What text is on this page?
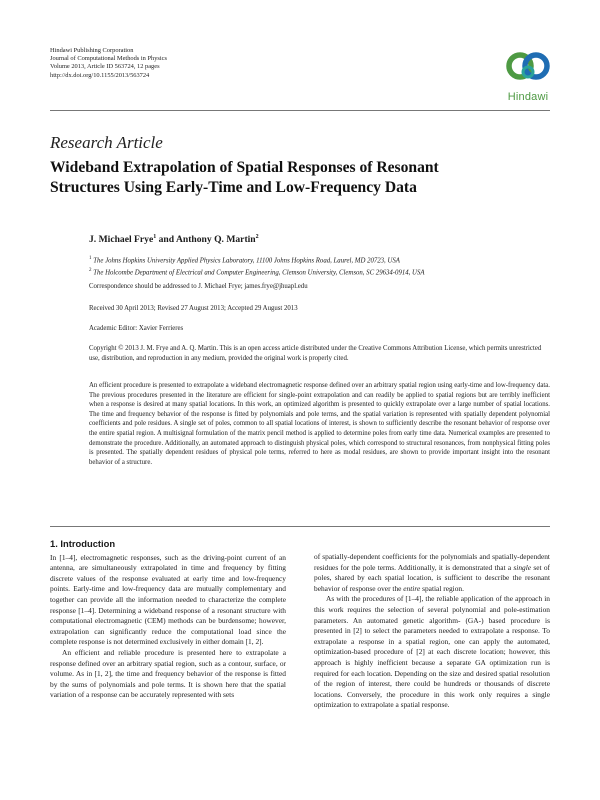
Hindawi Publishing Corporation
Journal of Computational Methods in Physics
Volume 2013, Article ID 563724, 12 pages
http://dx.doi.org/10.1155/2013/563724
Hindawi
Research Article
Wideband Extrapolation of Spatial Responses of Resonant
Structures Using Early-Time and Low-Frequency Data
J. Michael Frye$^1$ and Anthony Q. Martin$^2$
$^1$ The Johns Hopkins University Applied Physics Laboratory, 11100 Johns Hopkins Road, Laurel, MD 20723, USA
$^2$ The Holcombe Department of Electrical and Computer Engineering, Clemson University, Clemson, SC 29634-0914, USA
Correspondence should be addressed to J. Michael Frye; james.frye@jhuapl.edu
Received 30 April 2013; Revised 27 August 2013; Accepted 29 August 2013
Academic Editor: Xavier Ferrieres
Copyright © 2013 J. M. Frye and A. Q. Martin. This is an open access article distributed under the Creative Commons Attribution License, which permits unrestricted use, distribution, and reproduction in any medium, provided the original work is properly cited.
An efficient procedure is presented to extrapolate a wideband electromagnetic response defined over an arbitrary spatial region using early-time and low-frequency data. The previous procedures presented in the literature are efficient for single-point extrapolation and can readily be applied to spatial regions but are terribly inefficient when a response is desired at many spatial locations. In this work, an optimized algorithm is presented to quickly extrapolate over a large number of spatial locations. The time and frequency behavior of the response is fitted by polynomials and pole terms, and the spatial variation is represented with spatially dependent polynomial coefficients and pole residues. A single set of poles, common to all spatial locations of interest, is shown to sufficiently describe the resonant behavior of response over the entire spatial region. A multisignal formulation of the matrix pencil method is applied to determine poles from early time data. Numerical examples are presented to demonstrate the procedure. Additionally, an automated approach to distinguish physical poles, which correspond to structural resonances, from nonphysical fitting poles is presented. The spatially dependent residues of physical pole terms, referred to here as modal residues, are shown to provide important insight into the resonant behavior of a structure.
1. Introduction

In [1–4], electromagnetic responses, such as the driving-point current of an antenna, are simultaneously extrapolated in time and frequency by fitting discrete values of the response evaluated at early time and low-frequency points. Early-time and low-frequency data are mutually complementary and together can provide all the information needed to characterize the complete response [1–4]. Determining a wideband response of a resonant structure with computational electromagnetic (CEM) methods can be burdensome; however, extrapolation can significantly reduce the computational load since the complete response is not determined exclusively in either domain [1, 2].

An efficient and reliable procedure is presented here to extrapolate a response defined over an arbitrary spatial region, such as a contour, surface, or volume. As in [1, 2], the time and frequency behavior of the response is fitted by the sums of polynomials and pole terms. It is shown here that the spatial variation of a response can be accurately represented with sets

of spatially-dependent coefficients for the polynomials and spatially-dependent residues for the pole terms. Additionally, it is demonstrated that a single set of poles, shared by each spatial location, is sufficient to describe the resonant behavior of response over the entire spatial region.

As with the procedures of [1–4], the reliable application of the approach in this work requires the selection of several polynomial and pole-estimation parameters. An automated genetic algorithm- (GA-) based procedure is presented in [2] to select the parameters needed to extrapolate a response. To extrapolate a response in a spatial region, one can apply the automated, optimization-based procedure of [2] at each discrete location; however, this approach is highly inefficient because a separate GA optimization run is required for each location. Depending on the size and desired spatial resolution of the region of interest, there could be hundreds or thousands of discrete locations. Conversely, the procedure in this work only requires a single optimization to extrapolate a spatial response.
